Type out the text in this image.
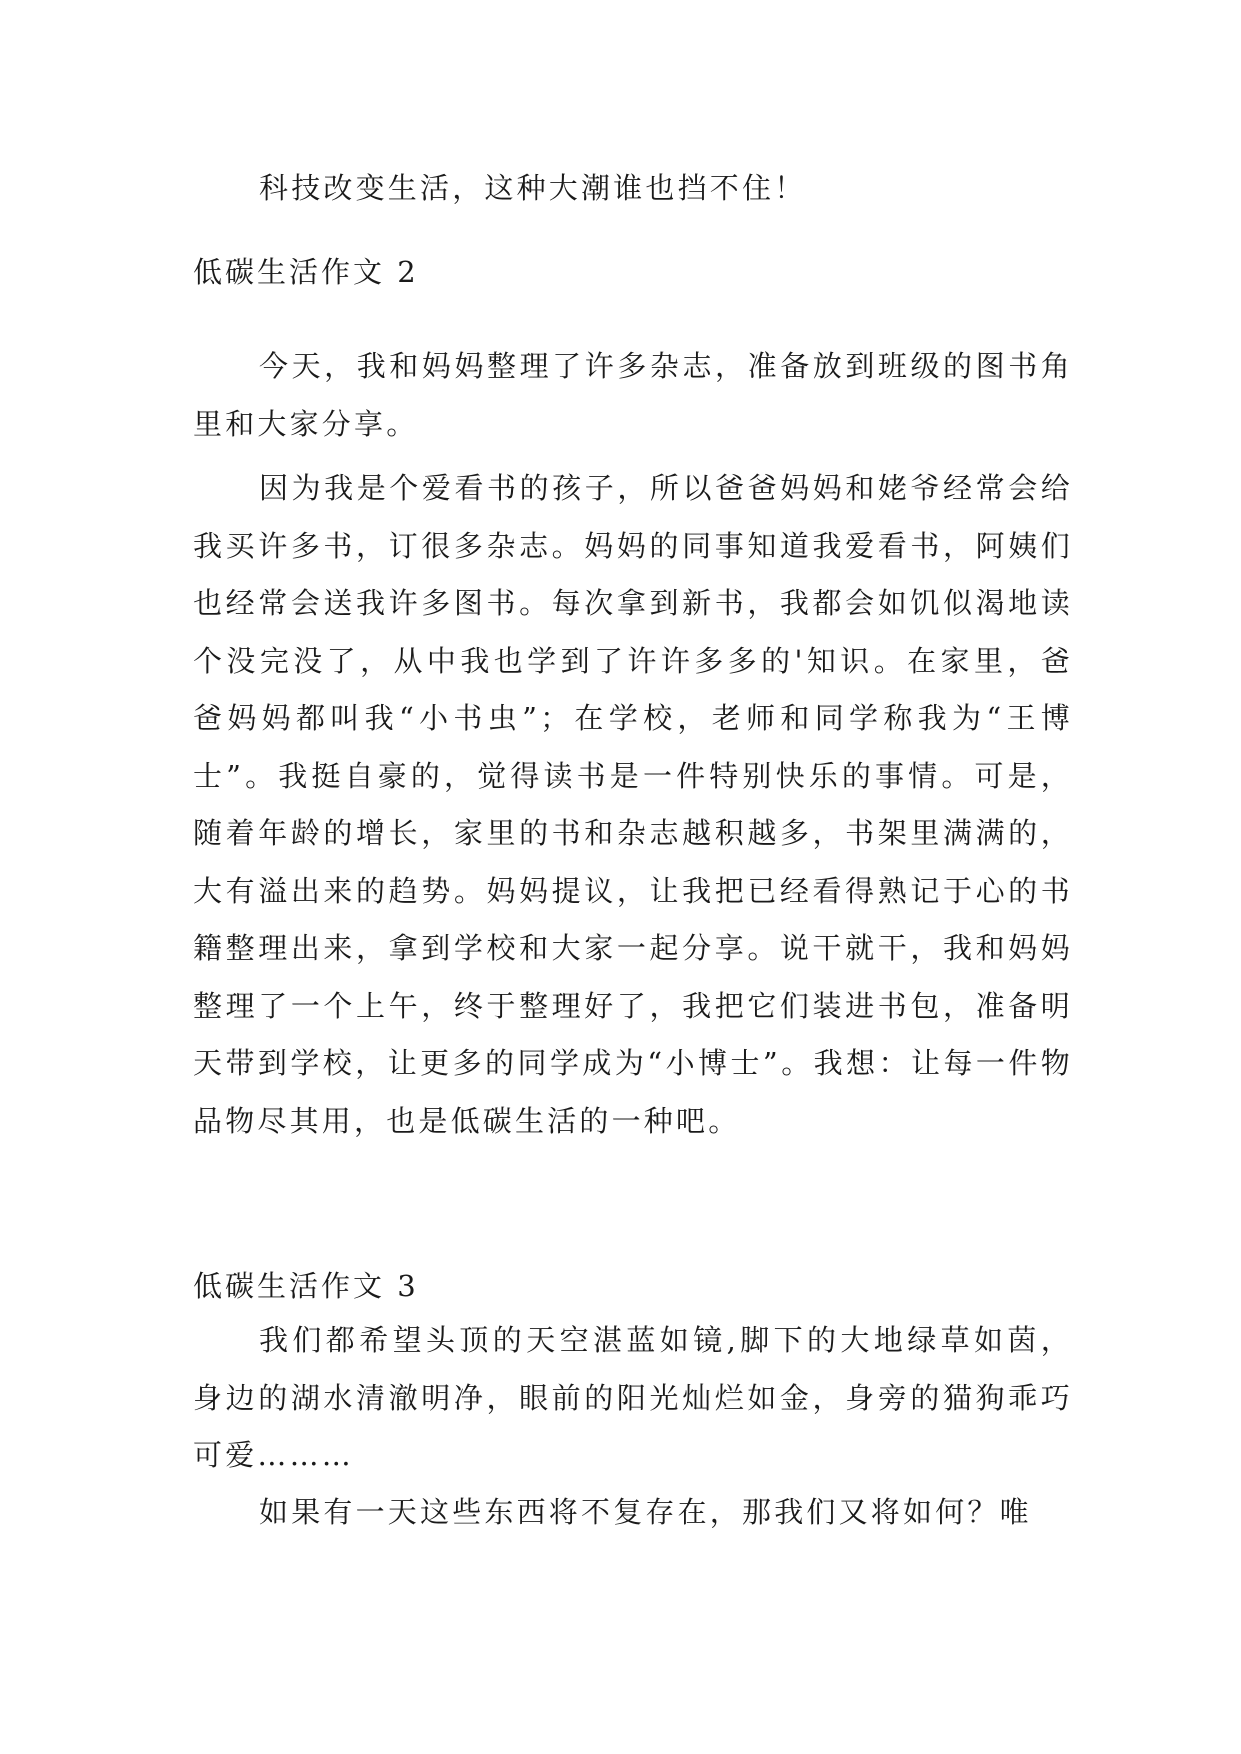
科技改变生活，这种大潮谁也挡不住！

低碳生活作文 2

今天，我和妈妈整理了许多杂志，准备放到班级的图书角里和大家分享。

因为我是个爱看书的孩子，所以爸爸妈妈和姥爷经常会给我买许多书，订很多杂志。妈妈的同事知道我爱看书，阿姨们也经常会送我许多图书。每次拿到新书，我都会如饥似渴地读个没完没了，从中我也学到了许许多多的'知识。在家里，爸爸妈妈都叫我“小书虫”；在学校，老师和同学称我为“王博士”。我挺自豪的，觉得读书是一件特别快乐的事情。可是，随着年龄的增长，家里的书和杂志越积越多，书架里满满的，大有溢出来的趋势。妈妈提议，让我把已经看得熟记于心的书籍整理出来，拿到学校和大家一起分享。说干就干，我和妈妈整理了一个上午，终于整理好了，我把它们装进书包，准备明天带到学校，让更多的同学成为“小博士”。我想：让每一件物品物尽其用，也是低碳生活的一种吧。

低碳生活作文 3

我们都希望头顶的天空湛蓝如镜,脚下的大地绿草如茵，身边的湖水清澈明净，眼前的阳光灿烂如金，身旁的猫狗乖巧可爱………

如果有一天这些东西将不复存在，那我们又将如何？唯
